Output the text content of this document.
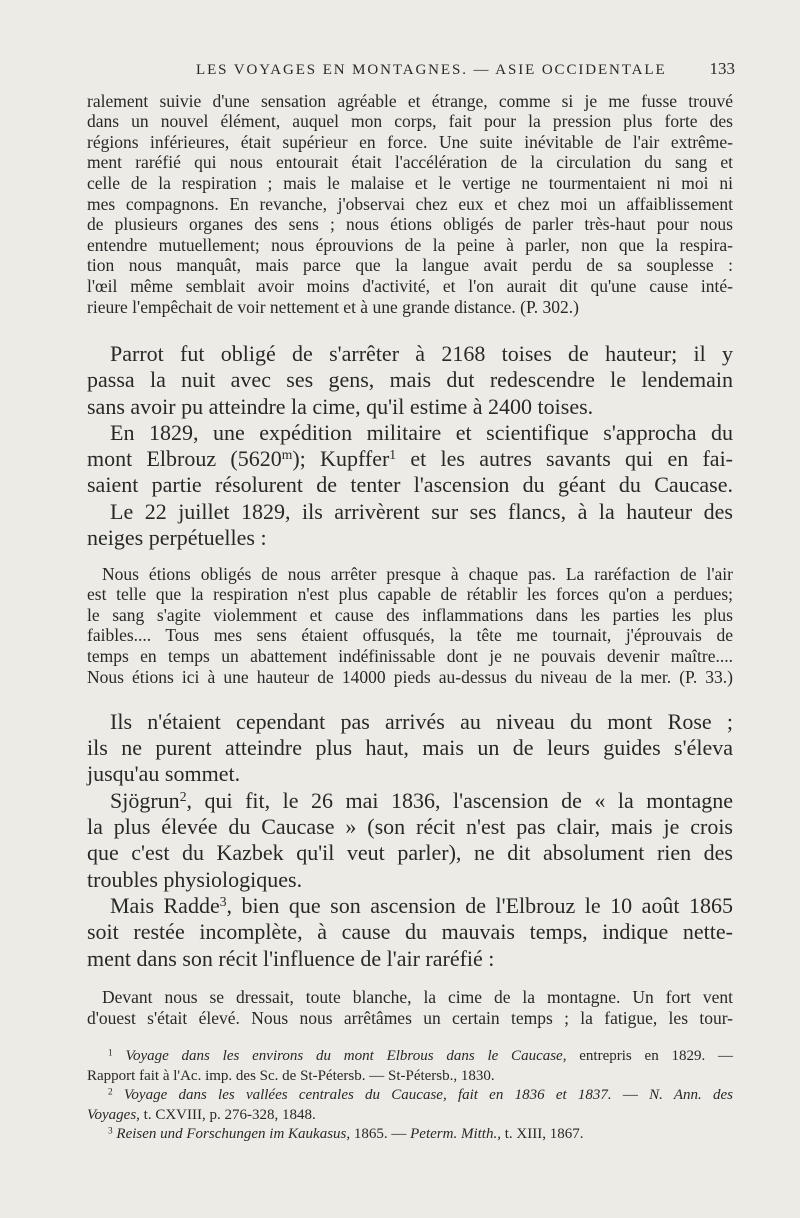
LES VOYAGES EN MONTAGNES. — ASIE OCCIDENTALE	133
ralement suivie d'une sensation agréable et étrange, comme si je me fusse trouvé
dans un nouvel élément, auquel mon corps, fait pour la pression plus forte des
régions inférieures, était supérieur en force. Une suite inévitable de l'air extrême-
ment raréfié qui nous entourait était l'accélération de la circulation du sang et
celle de la respiration ; mais le malaise et le vertige ne tourmentaient ni moi ni
mes compagnons. En revanche, j'observai chez eux et chez moi un affaiblissement
de plusieurs organes des sens ; nous étions obligés de parler très-haut pour nous
entendre mutuellement; nous éprouvions de la peine à parler, non que la respira-
tion nous manquât, mais parce que la langue avait perdu de sa souplesse :
l'œil même semblait avoir moins d'activité, et l'on aurait dit qu'une cause inté-
rieure l'empêchait de voir nettement et à une grande distance. (P. 302.)
Parrot fut obligé de s'arrêter à 2168 toises de hauteur; il y
passa la nuit avec ses gens, mais dut redescendre le lendemain
sans avoir pu atteindre la cime, qu'il estime à 2400 toises.
En 1829, une expédition militaire et scientifique s'approcha du
mont Elbrouz (5620$^m$); Kupffer$^1$ et les autres savants qui en fai-
saient partie résolurent de tenter l'ascension du géant du Caucase.
Le 22 juillet 1829, ils arrivèrent sur ses flancs, à la hauteur des
neiges perpétuelles :
Nous étions obligés de nous arrêter presque à chaque pas. La raréfaction de l'air
est telle que la respiration n'est plus capable de rétablir les forces qu'on a perdues;
le sang s'agite violemment et cause des inflammations dans les parties les plus
faibles.... Tous mes sens étaient offusqués, la tête me tournait, j'éprouvais de
temps en temps un abattement indéfinissable dont je ne pouvais devenir maître....
Nous étions ici à une hauteur de 14000 pieds au-dessus du niveau de la mer. (P. 33.)
Ils n'étaient cependant pas arrivés au niveau du mont Rose ;
ils ne purent atteindre plus haut, mais un de leurs guides s'éleva
jusqu'au sommet.
Sjögrun$^2$, qui fit, le 26 mai 1836, l'ascension de « la montagne
la plus élevée du Caucase » (son récit n'est pas clair, mais je crois
que c'est du Kazbek qu'il veut parler), ne dit absolument rien des
troubles physiologiques.
Mais Radde$^3$, bien que son ascension de l'Elbrouz le 10 août 1865
soit restée incomplète, à cause du mauvais temps, indique nette-
ment dans son récit l'influence de l'air raréfié :
Devant nous se dressait, toute blanche, la cime de la montagne. Un fort vent
d'ouest s'était élevé. Nous nous arrêtâmes un certain temps ; la fatigue, les tour-
$^1$ Voyage dans les environs du mont Elbrous dans le Caucase, entrepris en 1829. —
Rapport fait à l'Ac. imp. des Sc. de St-Pétersb. — St-Pétersb., 1830.
$^2$ Voyage dans les vallées centrales du Caucase, fait en 1836 et 1837. — N. Ann. des
Voyages, t. CXVIII, p. 276-328, 1848.
$^3$ Reisen und Forschungen im Kaukasus, 1865. — Peterm. Mitth., t. XIII, 1867.
